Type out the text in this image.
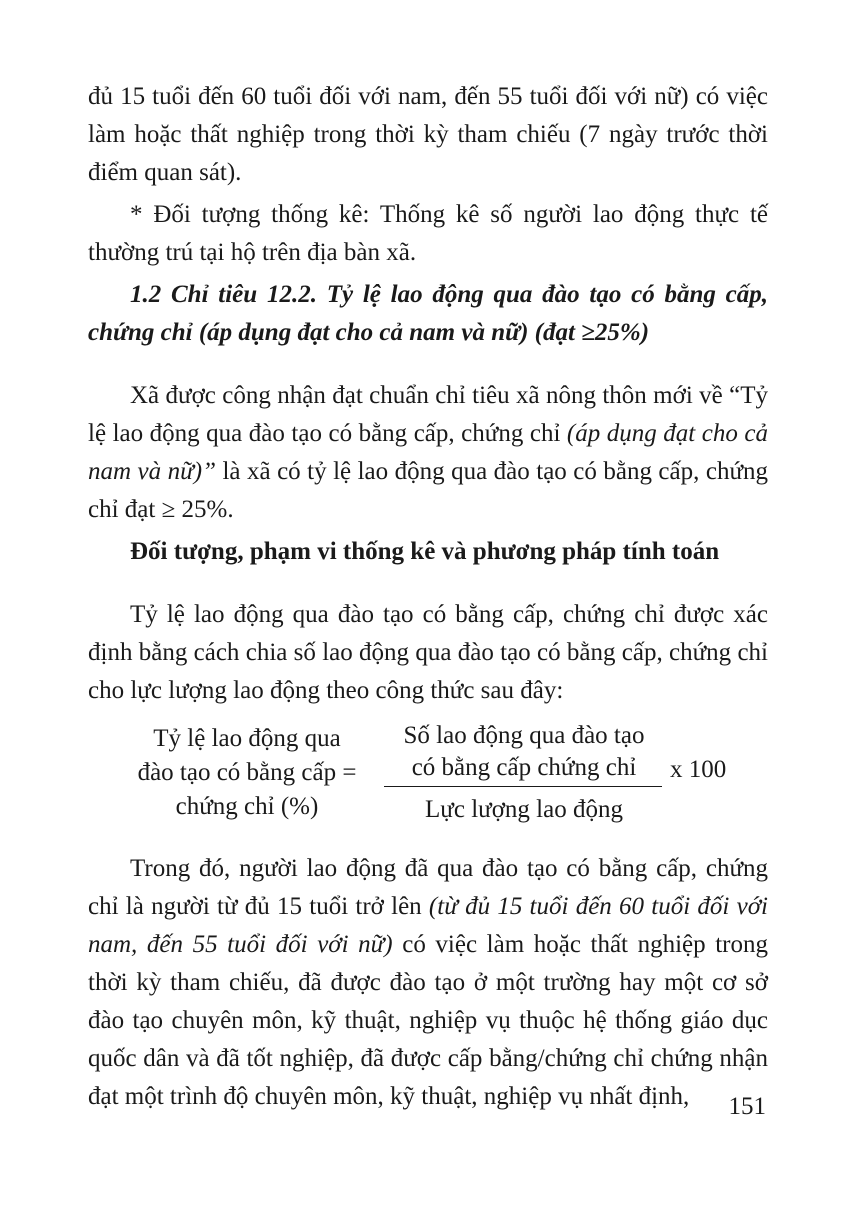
đủ 15 tuổi đến 60 tuổi đối với nam, đến 55 tuổi đối với nữ) có việc làm hoặc thất nghiệp trong thời kỳ tham chiếu (7 ngày trước thời điểm quan sát).

* Đối tượng thống kê: Thống kê số người lao động thực tế thường trú tại hộ trên địa bàn xã.

1.2 Chỉ tiêu 12.2. Tỷ lệ lao động qua đào tạo có bằng cấp, chứng chỉ (áp dụng đạt cho cả nam và nữ) (đạt ≥25%)

Xã được công nhận đạt chuẩn chỉ tiêu xã nông thôn mới về “Tỷ lệ lao động qua đào tạo có bằng cấp, chứng chỉ (áp dụng đạt cho cả nam và nữ)” là xã có tỷ lệ lao động qua đào tạo có bằng cấp, chứng chỉ đạt ≥ 25%.

Đối tượng, phạm vi thống kê và phương pháp tính toán

Tỷ lệ lao động qua đào tạo có bằng cấp, chứng chỉ được xác định bằng cách chia số lao động qua đào tạo có bằng cấp, chứng chỉ cho lực lượng lao động theo công thức sau đây:

Tỷ lệ lao động qua
đào tạo có bằng cấp =
chứng chỉ (%)
Số lao động qua đào tạo
có bằng cấp chứng chỉ
Lực lượng lao động
x 100

Trong đó, người lao động đã qua đào tạo có bằng cấp, chứng chỉ là người từ đủ 15 tuổi trở lên (từ đủ 15 tuổi đến 60 tuổi đối với nam, đến 55 tuổi đối với nữ) có việc làm hoặc thất nghiệp trong thời kỳ tham chiếu, đã được đào tạo ở một trường hay một cơ sở đào tạo chuyên môn, kỹ thuật, nghiệp vụ thuộc hệ thống giáo dục quốc dân và đã tốt nghiệp, đã được cấp bằng/chứng chỉ chứng nhận đạt một trình độ chuyên môn, kỹ thuật, nghiệp vụ nhất định,	151
